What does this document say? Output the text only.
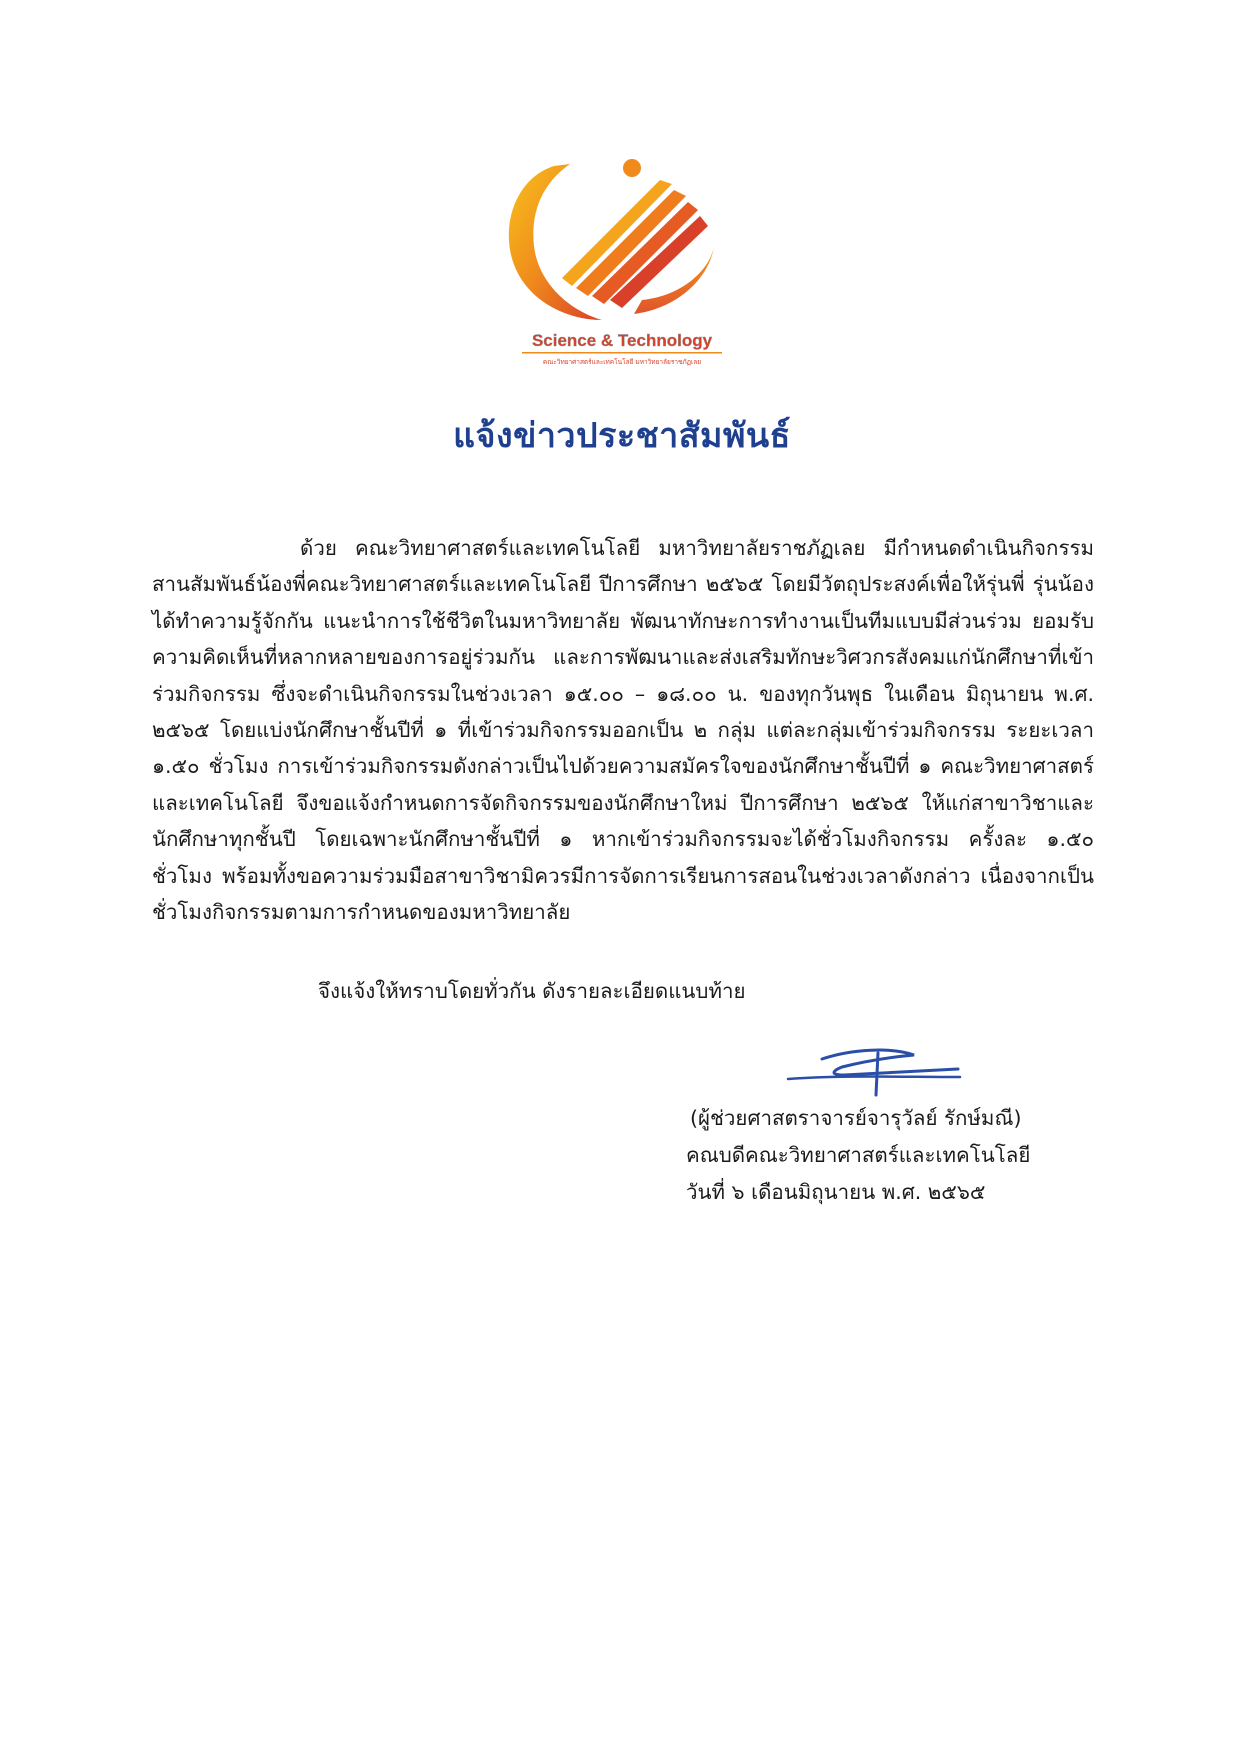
Science & Technology
คณะวิทยาศาสตร์และเทคโนโลยี มหาวิทยาลัยราชภัฏเลย
แจ้งข่าวประชาสัมพันธ์
ด้วย คณะวิทยาศาสตร์และเทคโนโลยี มหาวิทยาลัยราชภัฏเลย มีกำหนดดำเนินกิจกรรมสานสัมพันธ์น้องพี่คณะวิทยาศาสตร์และเทคโนโลยี ปีการศึกษา ๒๕๖๕ โดยมีวัตถุประสงค์เพื่อให้รุ่นพี่ รุ่นน้อง ได้ทำความรู้จักกัน แนะนำการใช้ชีวิตในมหาวิทยาลัย พัฒนาทักษะการทำงานเป็นทีมแบบมีส่วนร่วม ยอมรับความคิดเห็นที่หลากหลายของการอยู่ร่วมกัน และการพัฒนาและส่งเสริมทักษะวิศวกรสังคมแก่นักศึกษาที่เข้าร่วมกิจกรรม ซึ่งจะดำเนินกิจกรรมในช่วงเวลา ๑๕.๐๐ – ๑๘.๐๐ น. ของทุกวันพุธ ในเดือน มิถุนายน พ.ศ. ๒๕๖๕ โดยแบ่งนักศึกษาชั้นปีที่ ๑ ที่เข้าร่วมกิจกรรมออกเป็น ๒ กลุ่ม แต่ละกลุ่มเข้าร่วมกิจกรรม ระยะเวลา ๑.๕๐ ชั่วโมง การเข้าร่วมกิจกรรมดังกล่าวเป็นไปด้วยความสมัครใจของนักศึกษาชั้นปีที่ ๑ คณะวิทยาศาสตร์และเทคโนโลยี จึงขอแจ้งกำหนดการจัดกิจกรรมของนักศึกษาใหม่ ปีการศึกษา ๒๕๖๕ ให้แก่สาขาวิชาและนักศึกษาทุกชั้นปี โดยเฉพาะนักศึกษาชั้นปีที่ ๑ หากเข้าร่วมกิจกรรมจะได้ชั่วโมงกิจกรรม ครั้งละ ๑.๕๐ ชั่วโมง พร้อมทั้งขอความร่วมมือสาขาวิชามิควรมีการจัดการเรียนการสอนในช่วงเวลาดังกล่าว เนื่องจากเป็นชั่วโมงกิจกรรมตามการกำหนดของมหาวิทยาลัย
จึงแจ้งให้ทราบโดยทั่วกัน ดังรายละเอียดแนบท้าย
(ผู้ช่วยศาสตราจารย์จารุวัลย์ รักษ์มณี)
คณบดีคณะวิทยาศาสตร์และเทคโนโลยี
วันที่ ๖ เดือนมิถุนายน พ.ศ. ๒๕๖๕
